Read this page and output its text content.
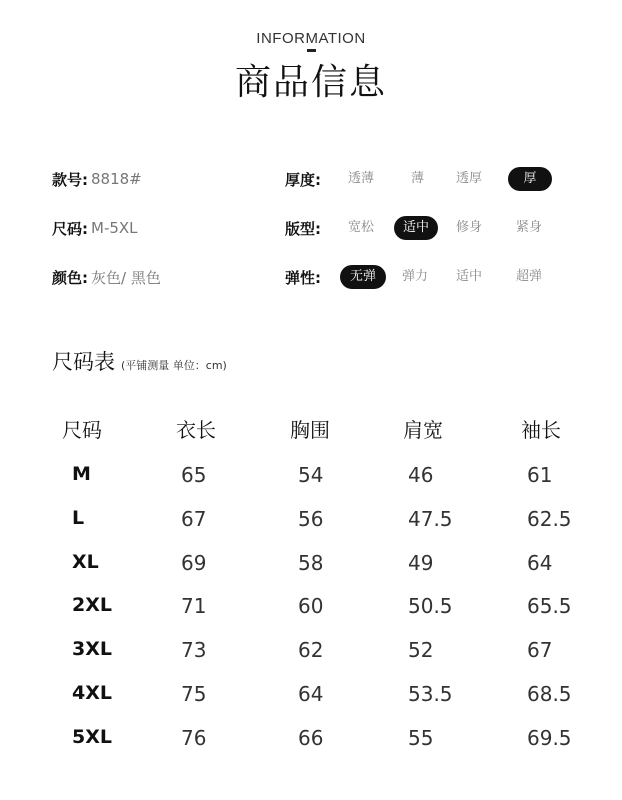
INFORMATION
商品信息
款号: 8818#	厚度:	透薄	薄	透厚	厚
尺码: M-5XL	版型:	宽松	适中	修身	紧身
颜色: 灰色/ 黑色	弹性:	无弹	弹力	适中	超弹
尺码表 (平铺测量 单位：cm)
尺码	衣长	胸围	肩宽	袖长
M	65	54	46	61
L	67	56	47.5	62.5
XL	69	58	49	64
2XL	71	60	50.5	65.5
3XL	73	62	52	67
4XL	75	64	53.5	68.5
5XL	76	66	55	69.5
